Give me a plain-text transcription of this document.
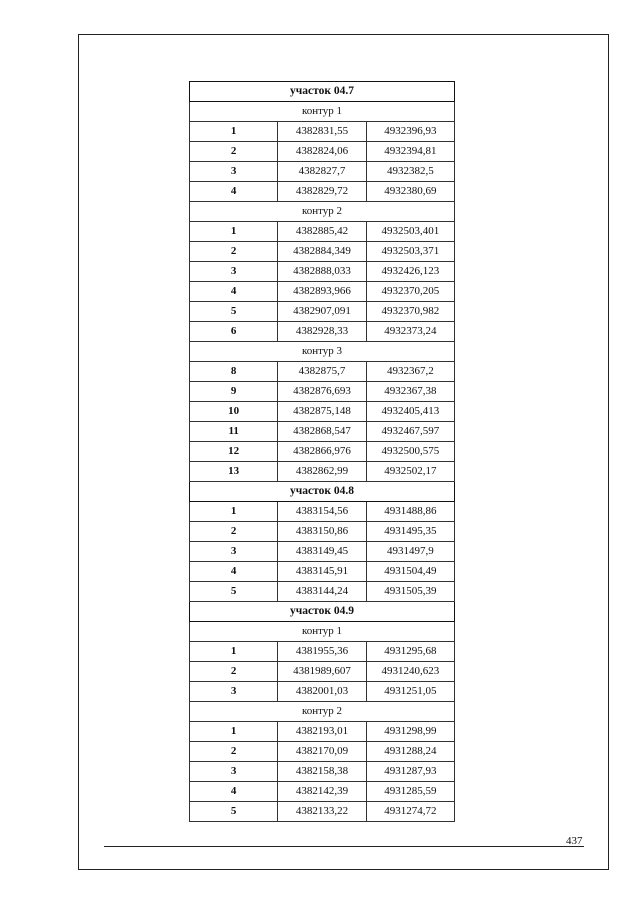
участок 04.7		
контур 1		
1	4382831,55	4932396,93
2	4382824,06	4932394,81
3	4382827,7	4932382,5
4	4382829,72	4932380,69
контур 2		
1	4382885,42	4932503,401
2	4382884,349	4932503,371
3	4382888,033	4932426,123
4	4382893,966	4932370,205
5	4382907,091	4932370,982
6	4382928,33	4932373,24
контур 3		
8	4382875,7	4932367,2
9	4382876,693	4932367,38
10	4382875,148	4932405,413
11	4382868,547	4932467,597
12	4382866,976	4932500,575
13	4382862,99	4932502,17
участок 04.8		
1	4383154,56	4931488,86
2	4383150,86	4931495,35
3	4383149,45	4931497,9
4	4383145,91	4931504,49
5	4383144,24	4931505,39
участок 04.9		
контур 1		
1	4381955,36	4931295,68
2	4381989,607	4931240,623
3	4382001,03	4931251,05
контур 2		
1	4382193,01	4931298,99
2	4382170,09	4931288,24
3	4382158,38	4931287,93
4	4382142,39	4931285,59
5	4382133,22	4931274,72
437
